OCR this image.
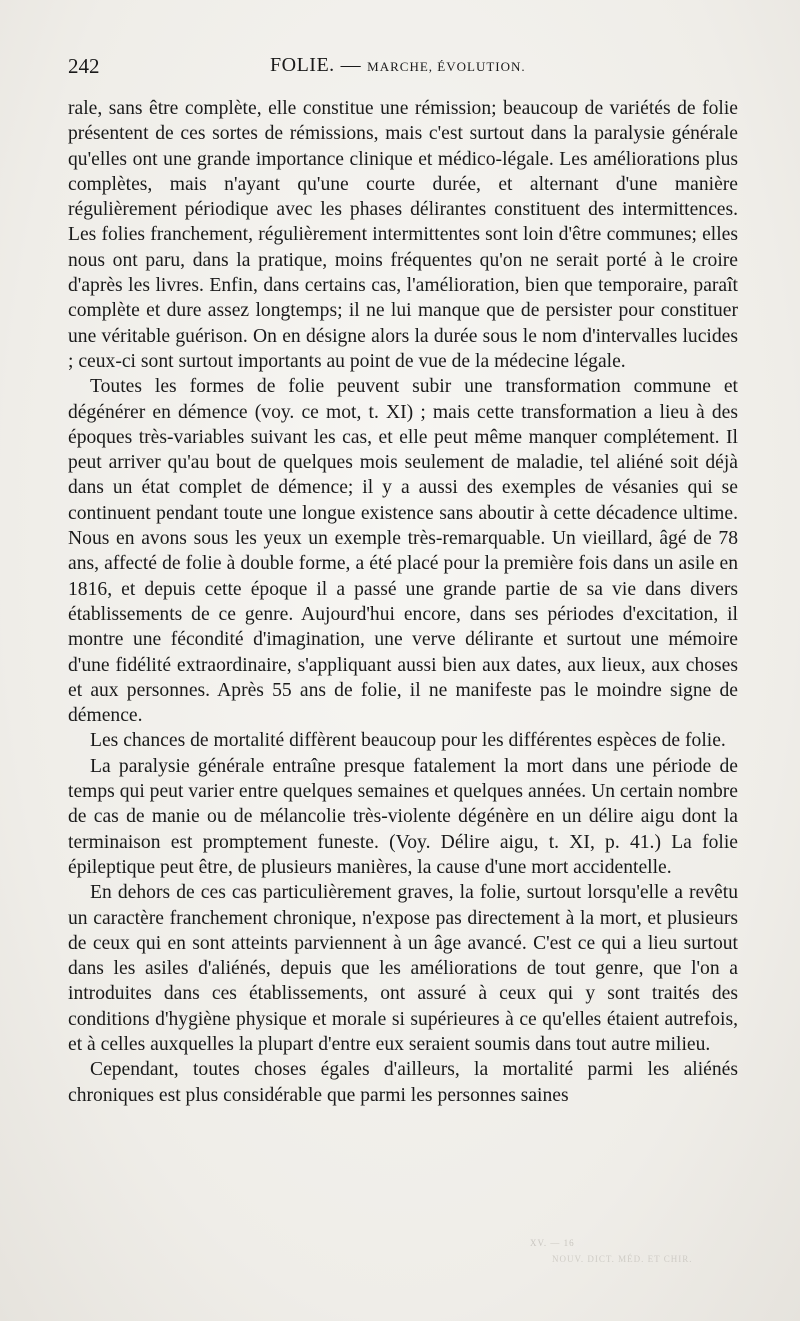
242	FOLIE. — MARCHE, ÉVOLUTION.

rale, sans être complète, elle constitue une rémission; beaucoup de variétés de folie présentent de ces sortes de rémissions, mais c'est surtout dans la paralysie générale qu'elles ont une grande importance clinique et médico-légale. Les améliorations plus complètes, mais n'ayant qu'une courte durée, et alternant d'une manière régulièrement périodique avec les phases délirantes constituent des intermittences. Les folies franchement, régulièrement intermittentes sont loin d'être communes; elles nous ont paru, dans la pratique, moins fréquentes qu'on ne serait porté à le croire d'après les livres. Enfin, dans certains cas, l'amélioration, bien que temporaire, paraît complète et dure assez longtemps; il ne lui manque que de persister pour constituer une véritable guérison. On en désigne alors la durée sous le nom d'intervalles lucides ; ceux-ci sont surtout importants au point de vue de la médecine légale.

Toutes les formes de folie peuvent subir une transformation commune et dégénérer en démence (voy. ce mot, t. XI) ; mais cette transformation a lieu à des époques très-variables suivant les cas, et elle peut même manquer complétement. Il peut arriver qu'au bout de quelques mois seulement de maladie, tel aliéné soit déjà dans un état complet de démence; il y a aussi des exemples de vésanies qui se continuent pendant toute une longue existence sans aboutir à cette décadence ultime. Nous en avons sous les yeux un exemple très-remarquable. Un vieillard, âgé de 78 ans, affecté de folie à double forme, a été placé pour la première fois dans un asile en 1816, et depuis cette époque il a passé une grande partie de sa vie dans divers établissements de ce genre. Aujourd'hui encore, dans ses périodes d'excitation, il montre une fécondité d'imagination, une verve délirante et surtout une mémoire d'une fidélité extraordinaire, s'appliquant aussi bien aux dates, aux lieux, aux choses et aux personnes. Après 55 ans de folie, il ne manifeste pas le moindre signe de démence.

Les chances de mortalité diffèrent beaucoup pour les différentes espèces de folie.

La paralysie générale entraîne presque fatalement la mort dans une période de temps qui peut varier entre quelques semaines et quelques années. Un certain nombre de cas de manie ou de mélancolie très-violente dégénère en un délire aigu dont la terminaison est promptement funeste. (Voy. Délire aigu, t. XI, p. 41.) La folie épileptique peut être, de plusieurs manières, la cause d'une mort accidentelle.

En dehors de ces cas particulièrement graves, la folie, surtout lorsqu'elle a revêtu un caractère franchement chronique, n'expose pas directement à la mort, et plusieurs de ceux qui en sont atteints parviennent à un âge avancé. C'est ce qui a lieu surtout dans les asiles d'aliénés, depuis que les améliorations de tout genre, que l'on a introduites dans ces établissements, ont assuré à ceux qui y sont traités des conditions d'hygiène physique et morale si supérieures à ce qu'elles étaient autrefois, et à celles auxquelles la plupart d'entre eux seraient soumis dans tout autre milieu.

Cependant, toutes choses égales d'ailleurs, la mortalité parmi les aliénés chroniques est plus considérable que parmi les personnes saines

NOUV. DICT. MÉD. ET CHIR.
XV. — 16
